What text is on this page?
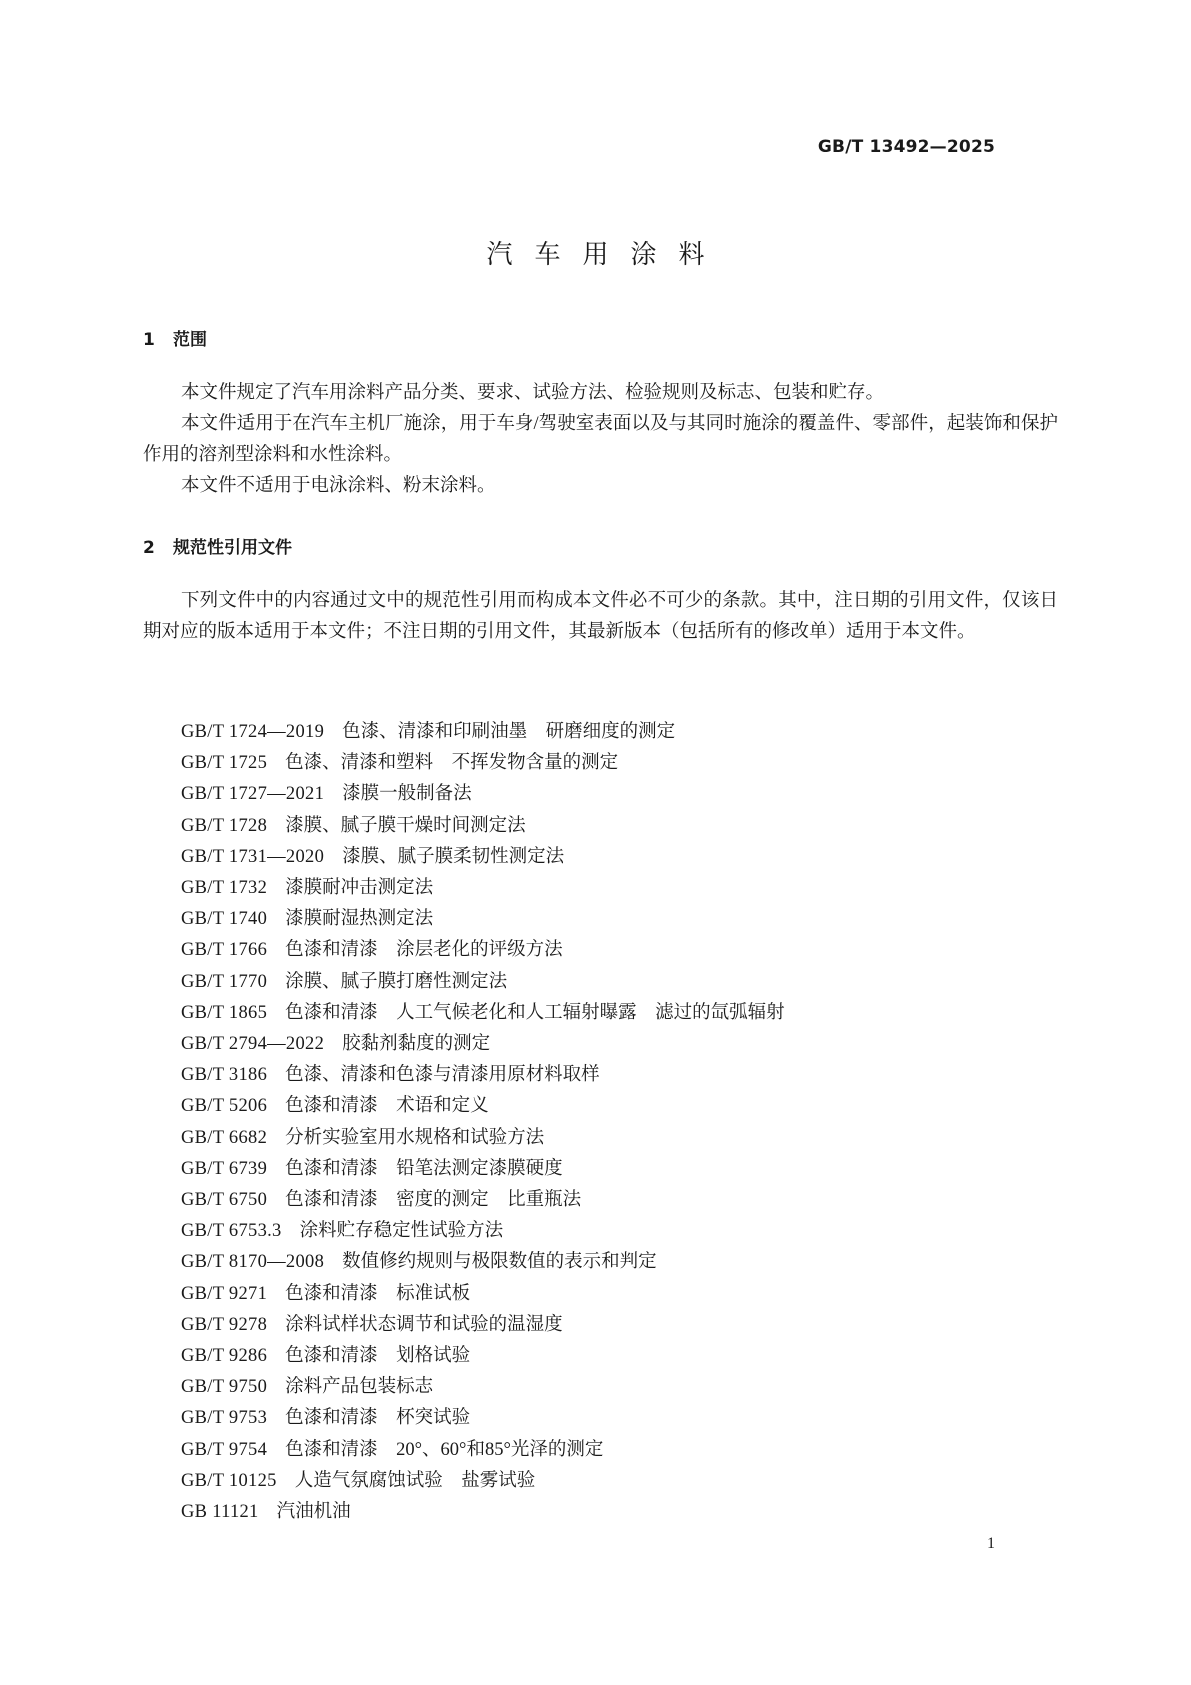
GB/T 13492—2025
汽车用涂料
1 范围

本文件规定了汽车用涂料产品分类、要求、试验方法、检验规则及标志、包装和贮存。

本文件适用于在汽车主机厂施涂，用于车身/驾驶室表面以及与其同时施涂的覆盖件、零部件，起装饰和保护作用的溶剂型涂料和水性涂料。

本文件不适用于电泳涂料、粉末涂料。

2 规范性引用文件

下列文件中的内容通过文中的规范性引用而构成本文件必不可少的条款。其中，注日期的引用文件，仅该日期对应的版本适用于本文件；不注日期的引用文件，其最新版本（包括所有的修改单）适用于本文件。

GB/T 1724—2019 色漆、清漆和印刷油墨　研磨细度的测定
GB/T 1725 色漆、清漆和塑料　不挥发物含量的测定
GB/T 1727—2021 漆膜一般制备法
GB/T 1728 漆膜、腻子膜干燥时间测定法
GB/T 1731—2020 漆膜、腻子膜柔韧性测定法
GB/T 1732 漆膜耐冲击测定法
GB/T 1740 漆膜耐湿热测定法
GB/T 1766 色漆和清漆　涂层老化的评级方法
GB/T 1770 涂膜、腻子膜打磨性测定法
GB/T 1865 色漆和清漆　人工气候老化和人工辐射曝露　滤过的氙弧辐射
GB/T 2794—2022 胶黏剂黏度的测定
GB/T 3186 色漆、清漆和色漆与清漆用原材料取样
GB/T 5206 色漆和清漆　术语和定义
GB/T 6682 分析实验室用水规格和试验方法
GB/T 6739 色漆和清漆　铅笔法测定漆膜硬度
GB/T 6750 色漆和清漆　密度的测定　比重瓶法
GB/T 6753.3 涂料贮存稳定性试验方法
GB/T 8170—2008 数值修约规则与极限数值的表示和判定
GB/T 9271 色漆和清漆　标准试板
GB/T 9278 涂料试样状态调节和试验的温湿度
GB/T 9286 色漆和清漆　划格试验
GB/T 9750 涂料产品包装标志
GB/T 9753 色漆和清漆　杯突试验
GB/T 9754 色漆和清漆　20°、60°和85°光泽的测定
GB/T 10125 人造气氛腐蚀试验　盐雾试验
GB 11121 汽油机油
1
